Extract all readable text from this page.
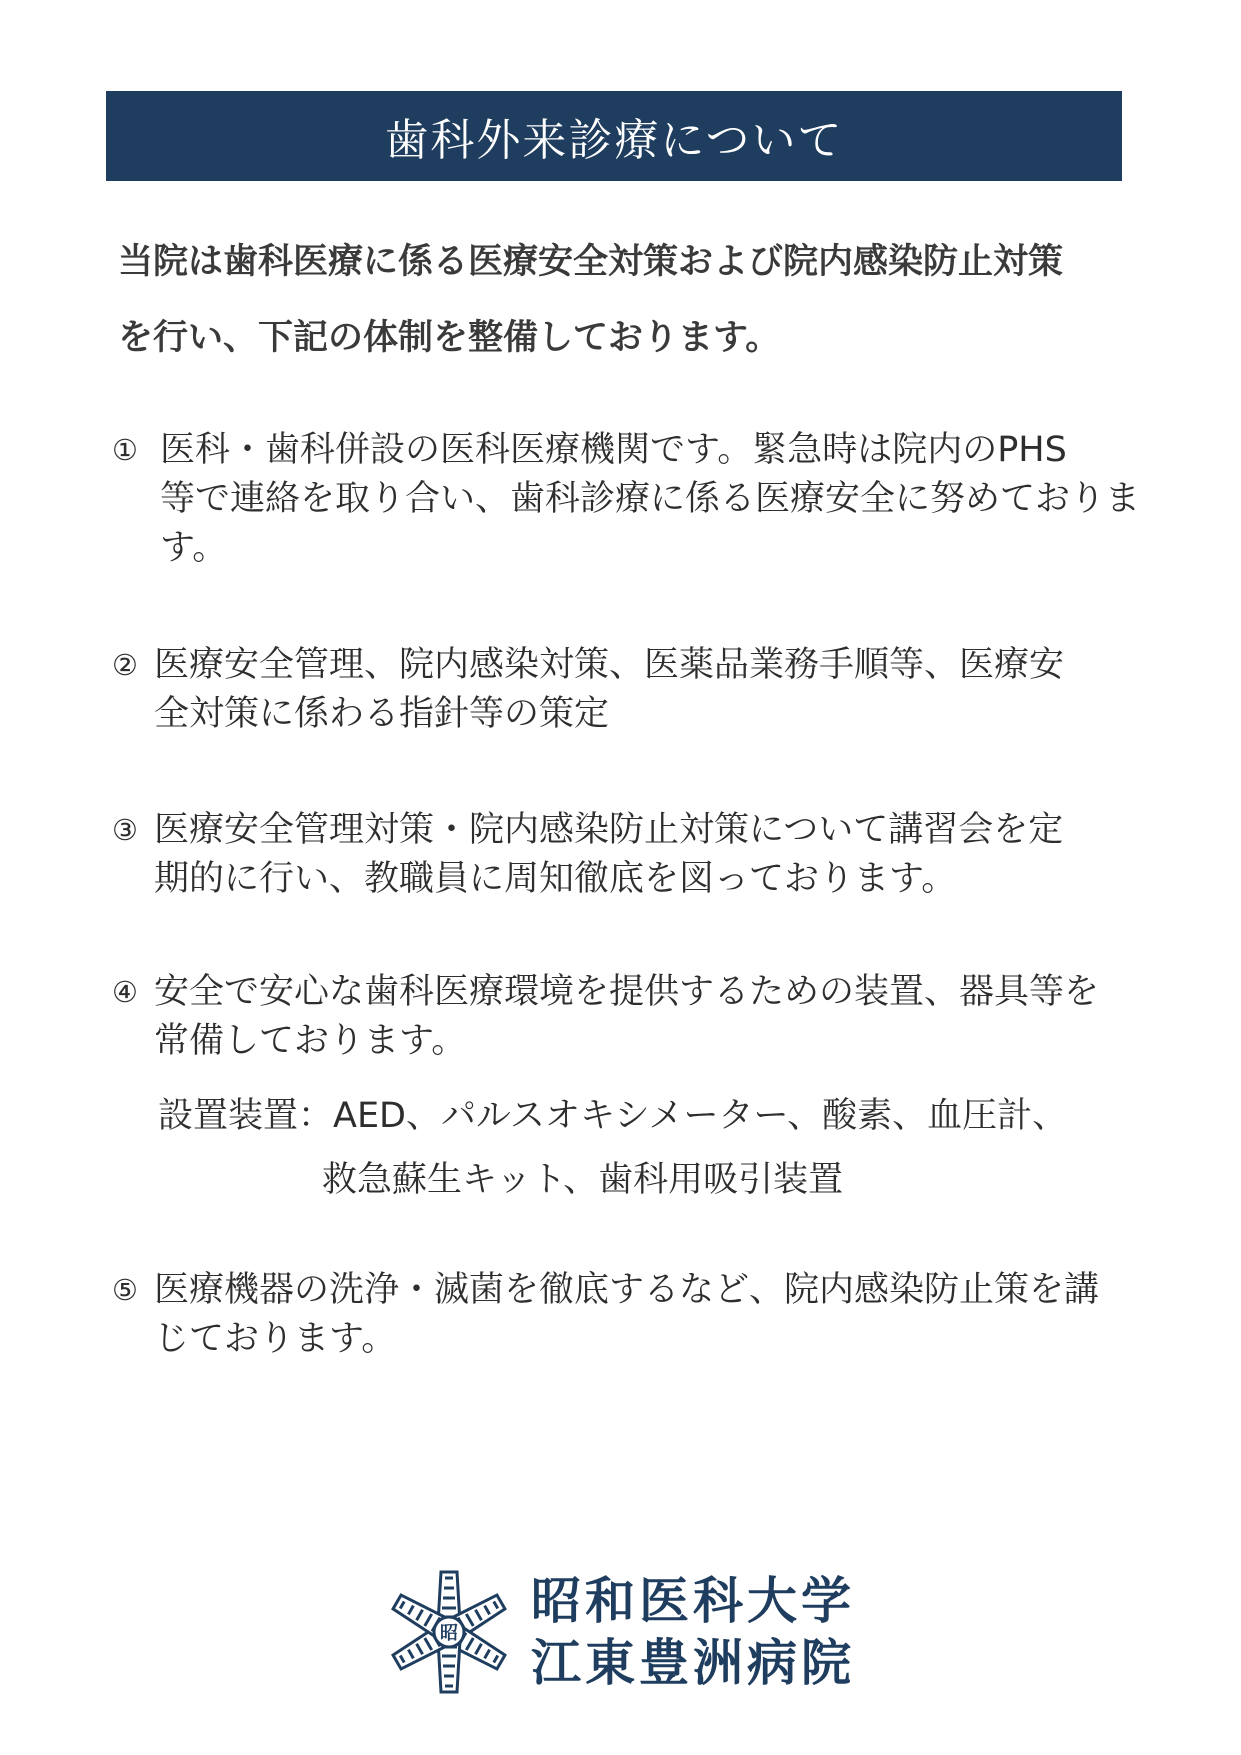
歯科外来診療について
当院は歯科医療に係る医療安全対策および院内感染防止対策
を行い、下記の体制を整備しております。
① 医科・歯科併設の医科医療機関です。緊急時は院内のPHS
等で連絡を取り合い、歯科診療に係る医療安全に努めておりま
す。
② 医療安全管理、院内感染対策、医薬品業務手順等、医療安
全対策に係わる指針等の策定
③ 医療安全管理対策・院内感染防止対策について講習会を定
期的に行い、教職員に周知徹底を図っております。
④ 安全で安心な歯科医療環境を提供するための装置、器具等を
常備しております。
設置装置：AED、パルスオキシメーター、酸素、血圧計、
救急蘇生キット、歯科用吸引装置
⑤ 医療機器の洗浄・滅菌を徹底するなど、院内感染防止策を講
じております。
昭
昭和医科大学
江東豊洲病院
